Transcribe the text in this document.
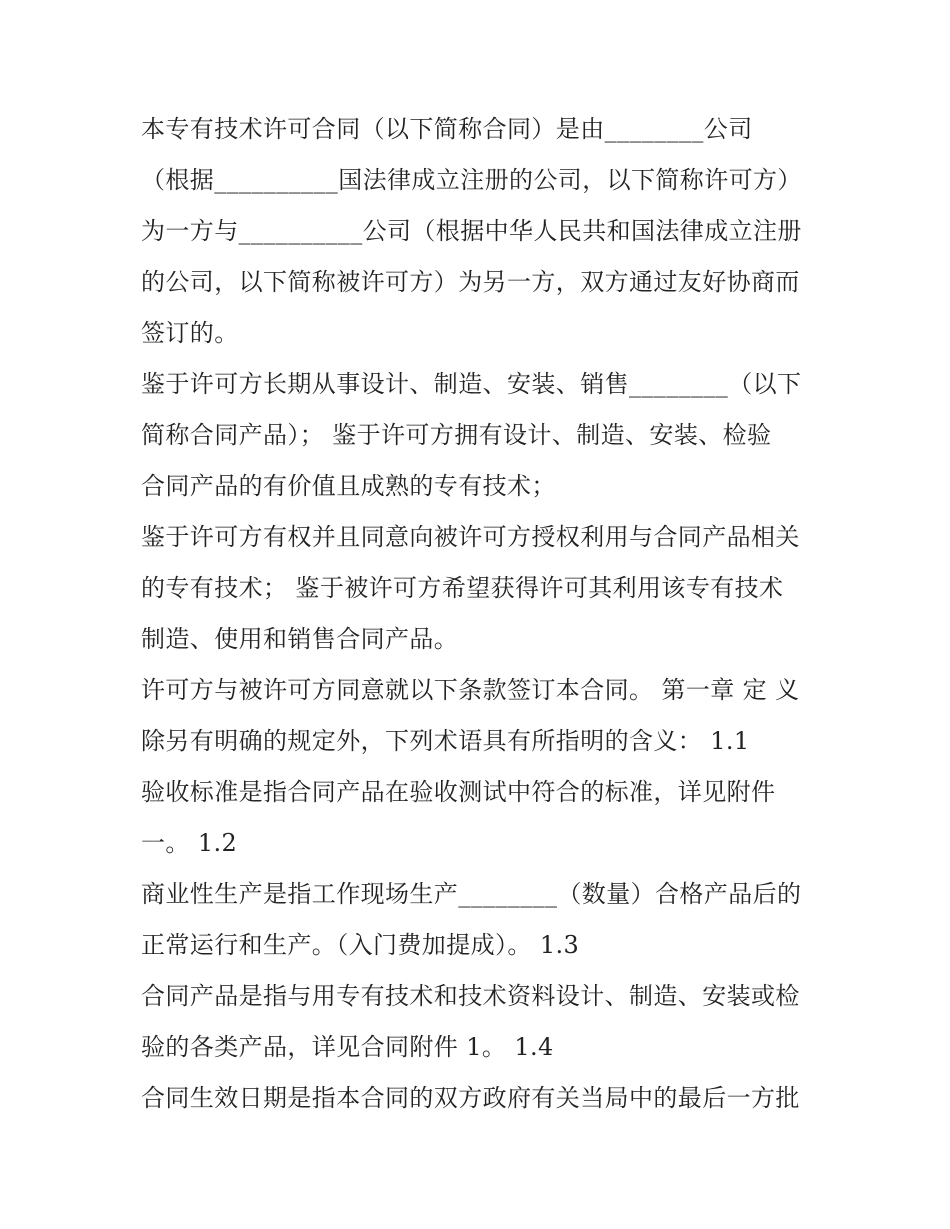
本专有技术许可合同（以下简称合同）是由________公司
（根据__________国法律成立注册的公司，以下简称许可方）
为一方与__________公司（根据中华人民共和国法律成立注册
的公司，以下简称被许可方）为另一方，双方通过友好协商而
签订的。
鉴于许可方长期从事设计、制造、安装、销售________（以下
简称合同产品）； 鉴于许可方拥有设计、制造、安装、检验
合同产品的有价值且成熟的专有技术；
鉴于许可方有权并且同意向被许可方授权利用与合同产品相关
的专有技术； 鉴于被许可方希望获得许可其利用该专有技术
制造、使用和销售合同产品。
许可方与被许可方同意就以下条款签订本合同。 第一章 定 义
除另有明确的规定外，下列术语具有所指明的含义： 1.1
验收标准是指合同产品在验收测试中符合的标准，详见附件
一。 1.2
商业性生产是指工作现场生产________（数量）合格产品后的
正常运行和生产。（入门费加提成）。 1.3
合同产品是指与用专有技术和技术资料设计、制造、安装或检
验的各类产品，详见合同附件 1。 1.4
合同生效日期是指本合同的双方政府有关当局中的最后一方批
